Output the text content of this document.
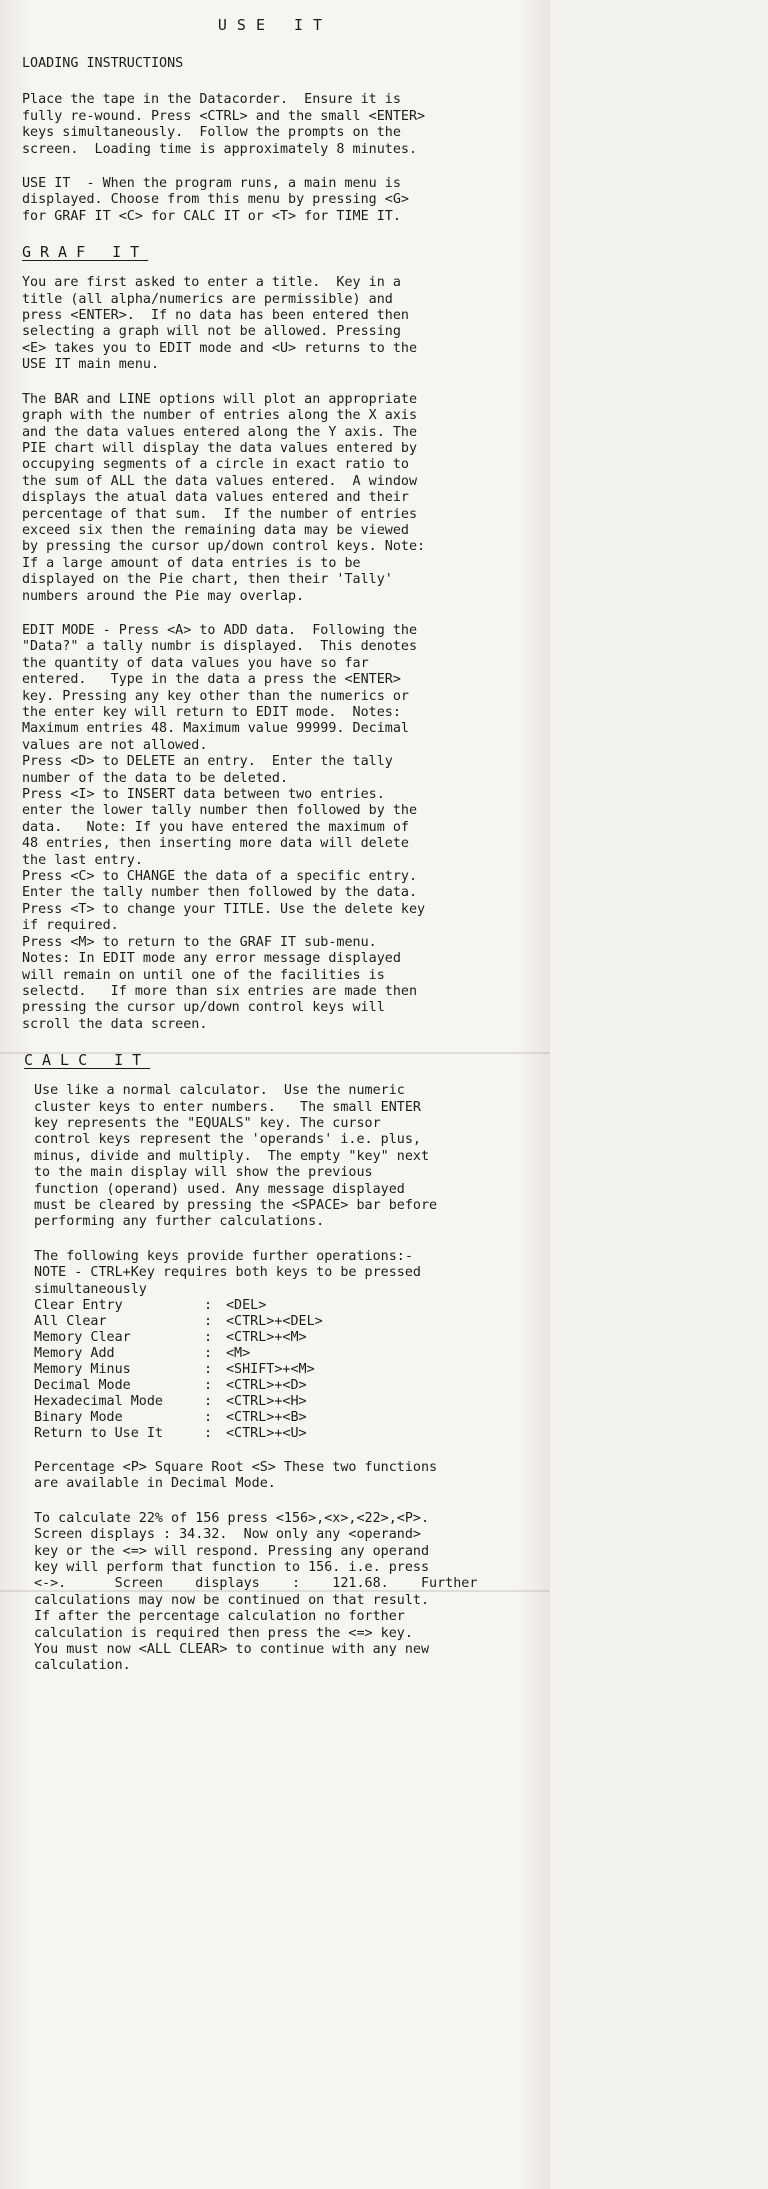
USE IT

LOADING INSTRUCTIONS

Place the tape in the Datacorder.  Ensure it is
fully re-wound. Press <CTRL> and the small <ENTER>
keys simultaneously.  Follow the prompts on the
screen.  Loading time is approximately 8 minutes.

USE IT  - When the program runs, a main menu is
displayed. Choose from this menu by pressing <G>
for GRAF IT <C> for CALC IT or <T> for TIME IT.

GRAF IT

You are first asked to enter a title.  Key in a
title (all alpha/numerics are permissible) and
press <ENTER>.  If no data has been entered then
selecting a graph will not be allowed. Pressing
<E> takes you to EDIT mode and <U> returns to the
USE IT main menu.

The BAR and LINE options will plot an appropriate
graph with the number of entries along the X axis
and the data values entered along the Y axis. The
PIE chart will display the data values entered by
occupying segments of a circle in exact ratio to
the sum of ALL the data values entered.  A window
displays the atual data values entered and their
percentage of that sum.  If the number of entries
exceed six then the remaining data may be viewed
by pressing the cursor up/down control keys. Note:
If a large amount of data entries is to be
displayed on the Pie chart, then their 'Tally'
numbers around the Pie may overlap.

EDIT MODE - Press <A> to ADD data.  Following the
"Data?" a tally numbr is displayed.  This denotes
the quantity of data values you have so far
entered.   Type in the data a press the <ENTER>
key. Pressing any key other than the numerics or
the enter key will return to EDIT mode.  Notes:
Maximum entries 48. Maximum value 99999. Decimal
values are not allowed.
Press <D> to DELETE an entry.  Enter the tally
number of the data to be deleted.
Press <I> to INSERT data between two entries.
enter the lower tally number then followed by the
data.   Note: If you have entered the maximum of
48 entries, then inserting more data will delete
the last entry.
Press <C> to CHANGE the data of a specific entry.
Enter the tally number then followed by the data.
Press <T> to change your TITLE. Use the delete key
if required.
Press <M> to return to the GRAF IT sub-menu.
Notes: In EDIT mode any error message displayed
will remain on until one of the facilities is
selectd.   If more than six entries are made then
pressing the cursor up/down control keys will
scroll the data screen.

CALC IT

Use like a normal calculator.  Use the numeric
cluster keys to enter numbers.   The small ENTER
key represents the "EQUALS" key. The cursor
control keys represent the 'operands' i.e. plus,
minus, divide and multiply.  The empty "key" next
to the main display will show the previous
function (operand) used. Any message displayed
must be cleared by pressing the <SPACE> bar before
performing any further calculations.

The following keys provide further operations:-
NOTE - CTRL+Key requires both keys to be pressed
simultaneously

Clear Entry	:	<DEL>
All Clear	:	<CTRL>+<DEL>
Memory Clear	:	<CTRL>+<M>
Memory Add	:	<M>
Memory Minus	:	<SHIFT>+<M>
Decimal Mode	:	<CTRL>+<D>
Hexadecimal Mode	:	<CTRL>+<H>
Binary Mode	:	<CTRL>+<B>
Return to Use It	:	<CTRL>+<U>

Percentage <P> Square Root <S> These two functions
are available in Decimal Mode.

To calculate 22% of 156 press <156>,<x>,<22>,<P>.
Screen displays : 34.32.  Now only any <operand>
key or the <=> will respond. Pressing any operand
key will perform that function to 156. i.e. press
<->.      Screen    displays    :    121.68.    Further
calculations may now be continued on that result.
If after the percentage calculation no forther
calculation is required then press the <=> key.
You must now <ALL CLEAR> to continue with any new
calculation.
